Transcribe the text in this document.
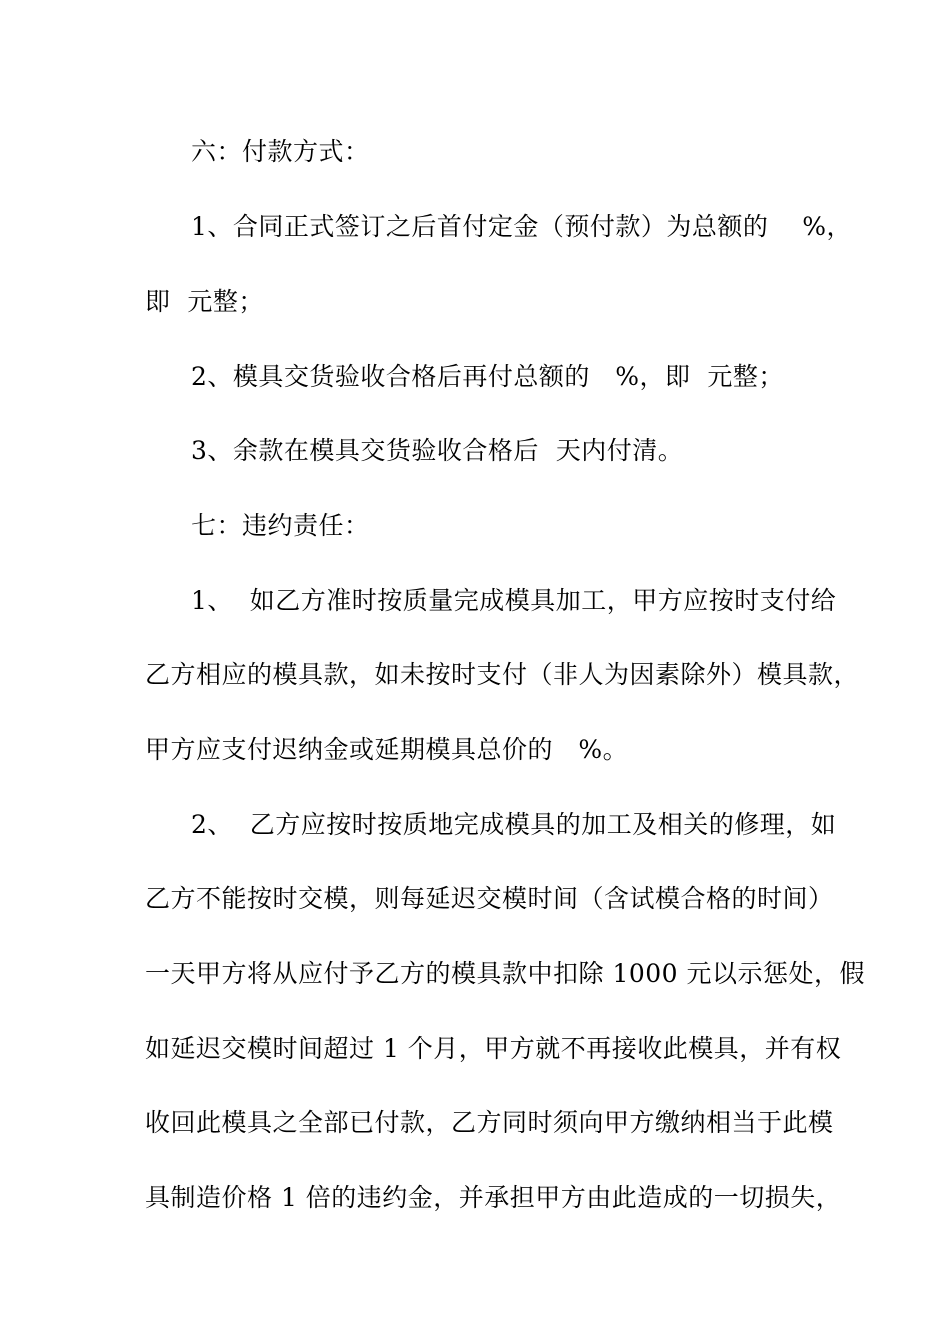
六：付款方式：
1、合同正式签订之后首付定金（预付款）为总额的    %，
即  元整；
2、模具交货验收合格后再付总额的   %，即  元整；
3、余款在模具交货验收合格后  天内付清。
七：违约责任：
1、  如乙方准时按质量完成模具加工，甲方应按时支付给
乙方相应的模具款，如未按时支付（非人为因素除外）模具款，
甲方应支付迟纳金或延期模具总价的   %。
2、  乙方应按时按质地完成模具的加工及相关的修理，如
乙方不能按时交模，则每延迟交模时间（含试模合格的时间）
一天甲方将从应付予乙方的模具款中扣除 1000 元以示惩处，假
如延迟交模时间超过 1 个月，甲方就不再接收此模具，并有权
收回此模具之全部已付款，乙方同时须向甲方缴纳相当于此模
具制造价格 1 倍的违约金，并承担甲方由此造成的一切损失，
